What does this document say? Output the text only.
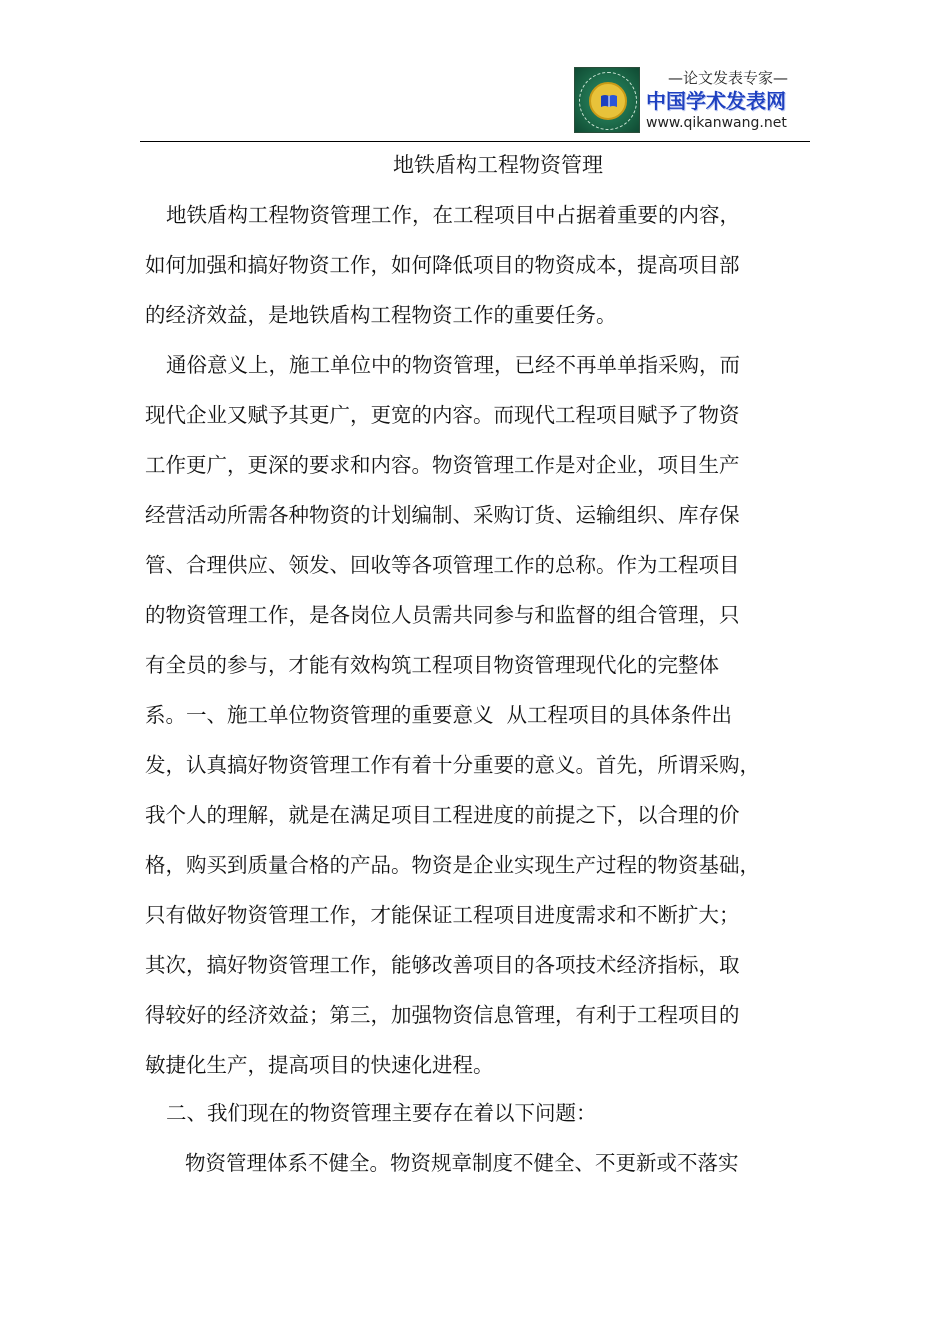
—论文发表专家—
中国学术发表网
www.qikanwang.net
地铁盾构工程物资管理
地铁盾构工程物资管理工作，在工程项目中占据着重要的内容，
如何加强和搞好物资工作，如何降低项目的物资成本，提高项目部
的经济效益，是地铁盾构工程物资工作的重要任务。
通俗意义上，施工单位中的物资管理，已经不再单单指采购，而
现代企业又赋予其更广，更宽的内容。而现代工程项目赋予了物资
工作更广，更深的要求和内容。物资管理工作是对企业，项目生产
经营活动所需各种物资的计划编制、采购订货、运输组织、库存保
管、合理供应、领发、回收等各项管理工作的总称。作为工程项目
的物资管理工作，是各岗位人员需共同参与和监督的组合管理，只
有全员的参与，才能有效构筑工程项目物资管理现代化的完整体
系。一、施工单位物资管理的重要意义  从工程项目的具体条件出
发，认真搞好物资管理工作有着十分重要的意义。首先，所谓采购，
我个人的理解，就是在满足项目工程进度的前提之下，以合理的价
格，购买到质量合格的产品。物资是企业实现生产过程的物资基础，
只有做好物资管理工作，才能保证工程项目进度需求和不断扩大；
其次，搞好物资管理工作，能够改善项目的各项技术经济指标，取
得较好的经济效益；第三，加强物资信息管理，有利于工程项目的
敏捷化生产，提高项目的快速化进程。
二、我们现在的物资管理主要存在着以下问题：
物资管理体系不健全。物资规章制度不健全、不更新或不落实
